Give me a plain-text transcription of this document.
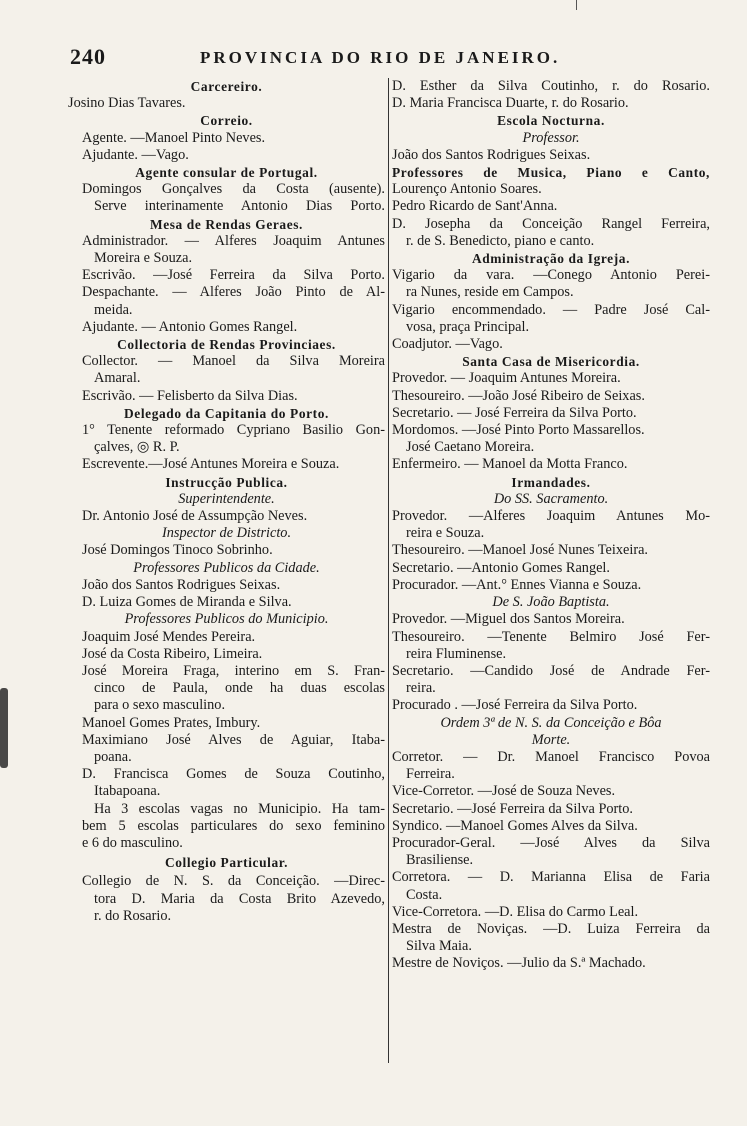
240	PROVINCIA DO RIO DE JANEIRO.
Carcereiro.
Josino Dias Tavares.
Correio.
Agente. —Manoel Pinto Neves.
Ajudante. —Vago.
Agente consular de Portugal.
Domingos Gonçalves da Costa (ausente).
Serve interinamente Antonio Dias Porto.
Mesa de Rendas Geraes.
Administrador. — Alferes Joaquim Antunes
Moreira e Souza.
Escrivão. —José Ferreira da Silva Porto.
Despachante. — Alferes João Pinto de Al-
meida.
Ajudante. — Antonio Gomes Rangel.
Collectoria de Rendas Provinciaes.
Collector. — Manoel da Silva Moreira
Amaral.
Escrivão. — Felisberto da Silva Dias.
Delegado da Capitania do Porto.
1° Tenente reformado Cypriano Basilio Gon-
çalves, ◎ R. P.
Escrevente.—José Antunes Moreira e Souza.
Instrucção Publica.
Superintendente.
Dr. Antonio José de Assumpção Neves.
Inspector de Districto.
José Domingos Tinoco Sobrinho.
Professores Publicos da Cidade.
João dos Santos Rodrigues Seixas.
D. Luiza Gomes de Miranda e Silva.
Professores Publicos do Municipio.
Joaquim José Mendes Pereira.
José da Costa Ribeiro, Limeira.
José Moreira Fraga, interino em S. Fran-
cinco de Paula, onde ha duas escolas
para o sexo masculino.
Manoel Gomes Prates, Imbury.
Maximiano José Alves de Aguiar, Itaba-
poana.
D. Francisca Gomes de Souza Coutinho,
Itabapoana.
Ha 3 escolas vagas no Municipio. Ha tam-
bem 5 escolas particulares do sexo feminino
e 6 do masculino.
Collegio Particular.
Collegio de N. S. da Conceição. —Direc-
tora D. Maria da Costa Brito Azevedo,
r. do Rosario.
D. Esther da Silva Coutinho, r. do Rosario.
D. Maria Francisca Duarte, r. do Rosario.
Escola Nocturna.
Professor.
João dos Santos Rodrigues Seixas.
Professores de Musica, Piano e Canto,
Lourenço Antonio Soares.
Pedro Ricardo de Sant'Anna.
D. Josepha da Conceição Rangel Ferreira,
r. de S. Benedicto, piano e canto.
Administração da Igreja.
Vigario da vara. —Conego Antonio Perei-
ra Nunes, reside em Campos.
Vigario encommendado. — Padre José Cal-
vosa, praça Principal.
Coadjutor. —Vago.
Santa Casa de Misericordia.
Provedor. — Joaquim Antunes Moreira.
Thesoureiro. —João José Ribeiro de Seixas.
Secretario. — José Ferreira da Silva Porto.
Mordomos. —José Pinto Porto Massarellos.
José Caetano Moreira.
Enfermeiro. — Manoel da Motta Franco.
Irmandades.
Do SS. Sacramento.
Provedor. —Alferes Joaquim Antunes Mo-
reira e Souza.
Thesoureiro. —Manoel José Nunes Teixeira.
Secretario. —Antonio Gomes Rangel.
Procurador. —Ant.° Ennes Vianna e Souza.
De S. João Baptista.
Provedor. —Miguel dos Santos Moreira.
Thesoureiro. —Tenente Belmiro José Fer-
reira Fluminense.
Secretario. —Candido José de Andrade Fer-
reira.
Procurado . —José Ferreira da Silva Porto.
Ordem 3ª de N. S. da Conceição e Bôa
Morte.
Corretor. — Dr. Manoel Francisco Povoa
Ferreira.
Vice-Corretor. —José de Souza Neves.
Secretario. —José Ferreira da Silva Porto.
Syndico. —Manoel Gomes Alves da Silva.
Procurador-Geral. —José Alves da Silva
Brasiliense.
Corretora. — D. Marianna Elisa de Faria
Costa.
Vice-Corretora. —D. Elisa do Carmo Leal.
Mestra de Noviças. —D. Luiza Ferreira da
Silva Maia.
Mestre de Noviços. —Julio da S.ª Machado.
